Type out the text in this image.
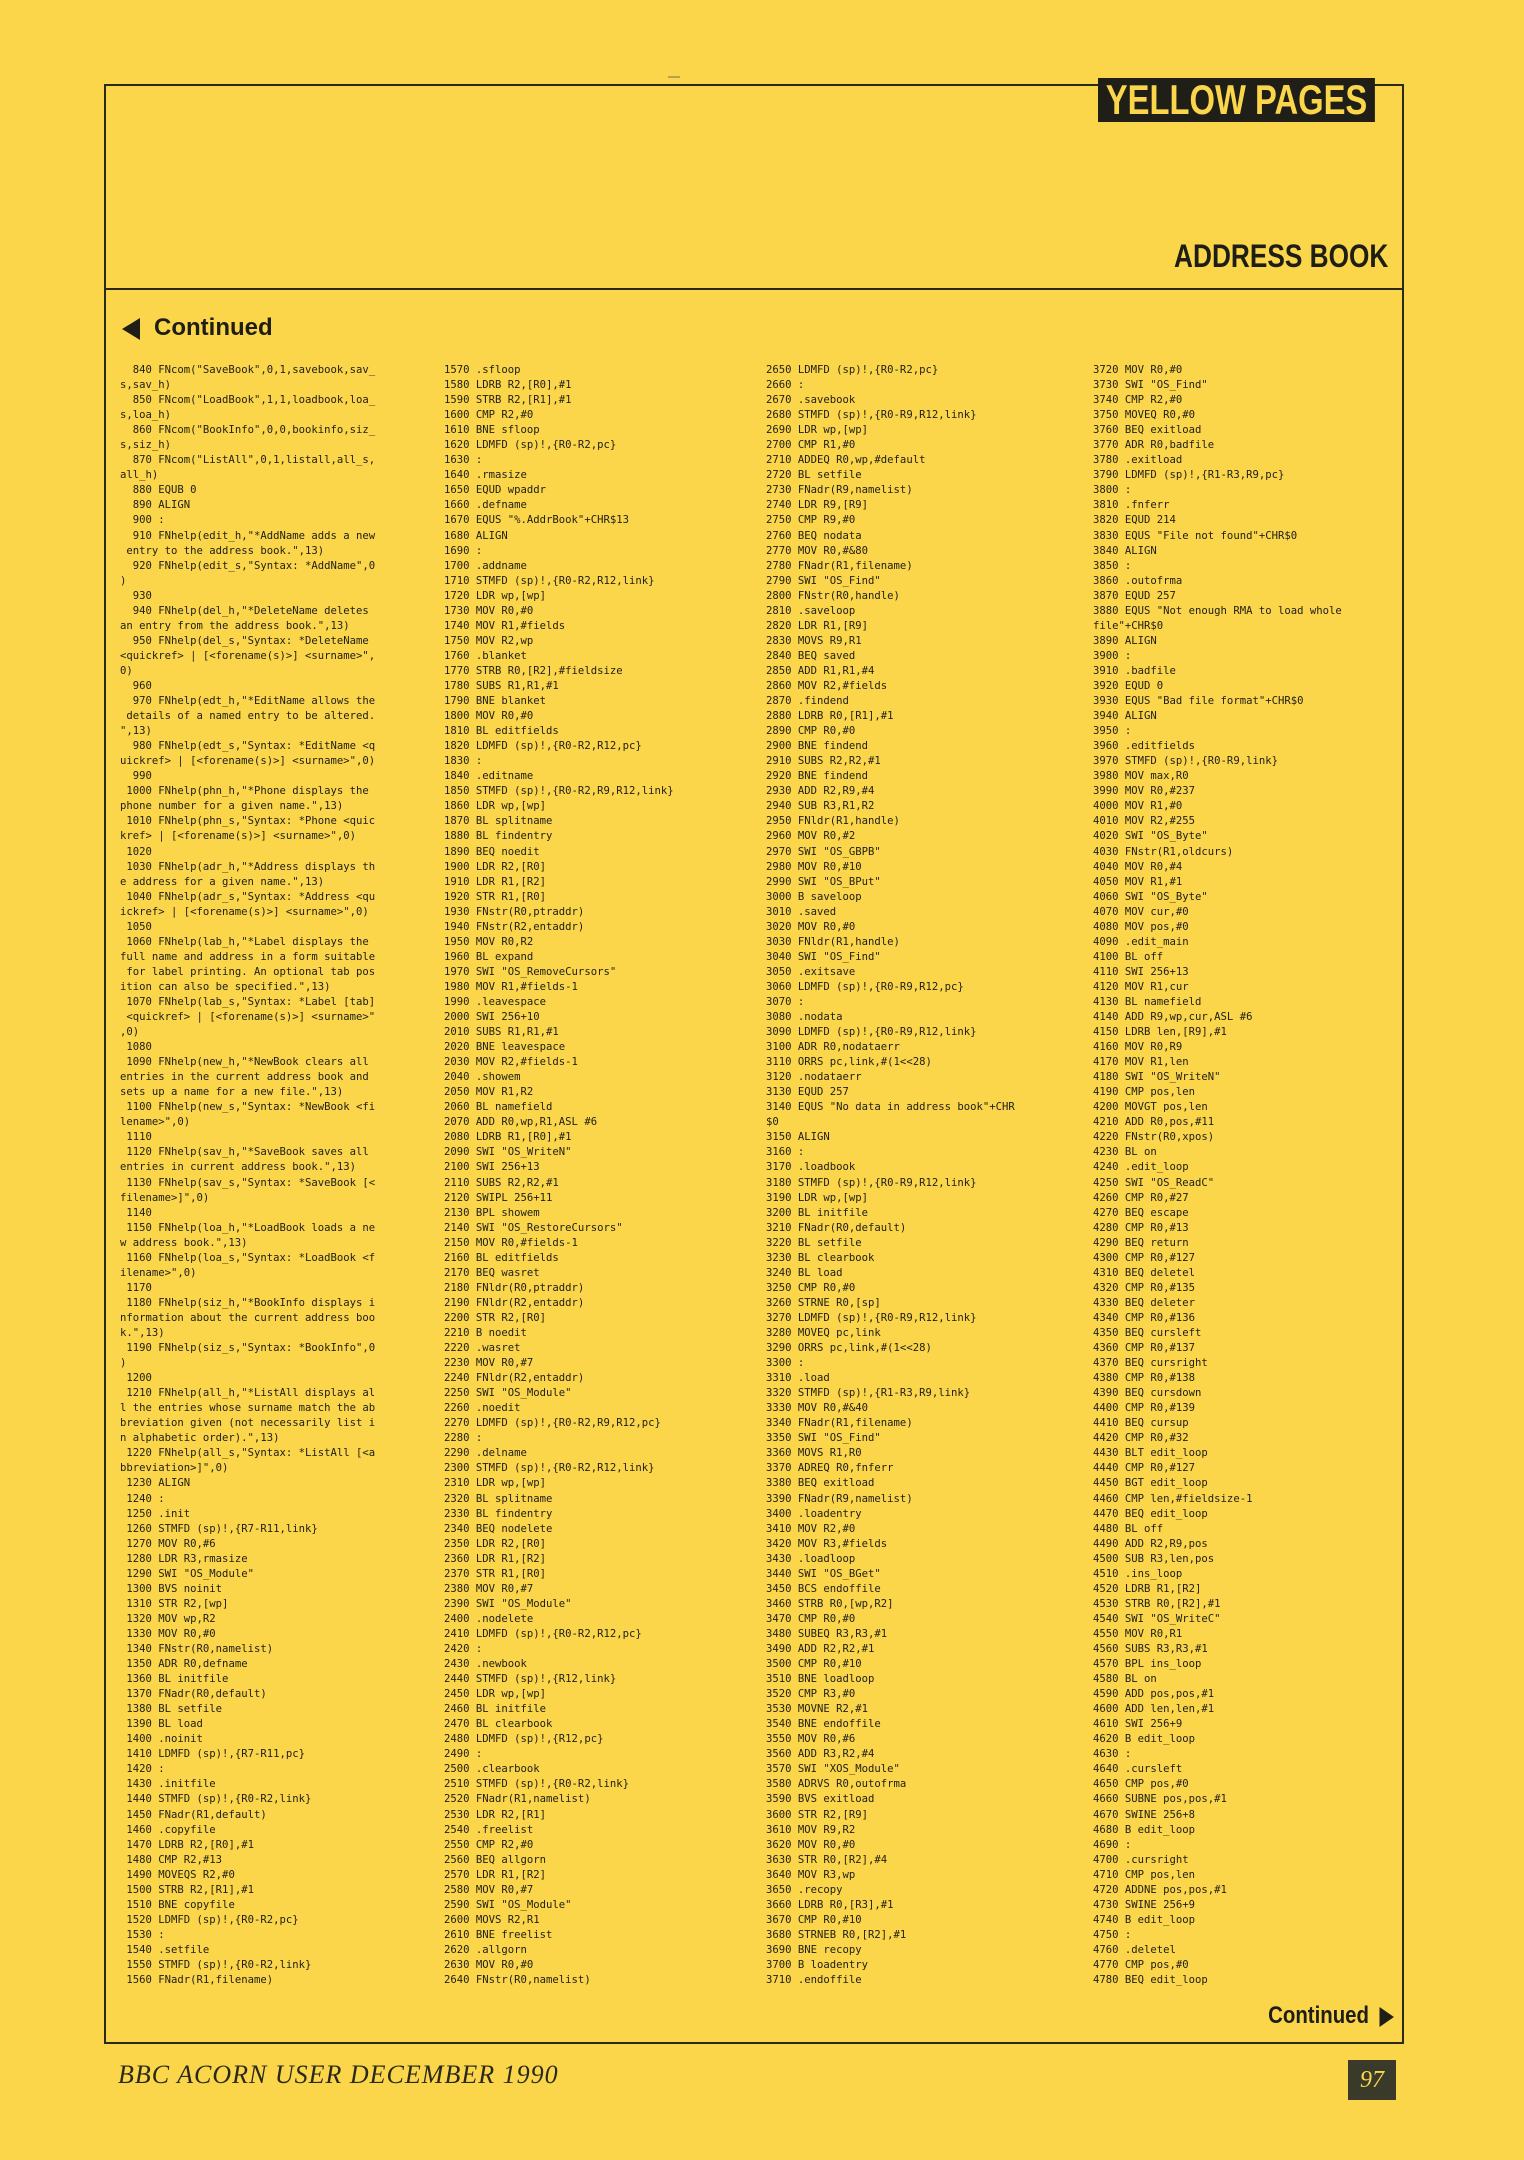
YELLOW PAGES
ADDRESS BOOK
Continued
840 FNcom("SaveBook",0,1,savebook,sav_
s,sav_h)
850 FNcom("LoadBook",1,1,loadbook,loa_
s,loa_h)
860 FNcom("BookInfo",0,0,bookinfo,siz_
s,siz_h)
870 FNcom("ListAll",0,1,listall,all_s,
all_h)
880 EQUB 0
890 ALIGN
900 :
910 FNhelp(edit_h,"*AddName adds a new
entry to the address book.",13)
920 FNhelp(edit_s,"Syntax: *AddName",0
)
930
940 FNhelp(del_h,"*DeleteName deletes
an entry from the address book.",13)
950 FNhelp(del_s,"Syntax: *DeleteName
<quickref> | [<forename(s)>] <surname>",
0)
960
970 FNhelp(edt_h,"*EditName allows the
details of a named entry to be altered.
",13)
980 FNhelp(edt_s,"Syntax: *EditName <q
uickref> | [<forename(s)>] <surname>",0)
990
1000 FNhelp(phn_h,"*Phone displays the
phone number for a given name.",13)
1010 FNhelp(phn_s,"Syntax: *Phone <quic
kref> | [<forename(s)>] <surname>",0)
1020
1030 FNhelp(adr_h,"*Address displays th
e address for a given name.",13)
1040 FNhelp(adr_s,"Syntax: *Address <qu
ickref> | [<forename(s)>] <surname>",0)
1050
1060 FNhelp(lab_h,"*Label displays the
full name and address in a form suitable
for label printing. An optional tab pos
ition can also be specified.",13)
1070 FNhelp(lab_s,"Syntax: *Label [tab]
<quickref> | [<forename(s)>] <surname>"
,0)
1080
1090 FNhelp(new_h,"*NewBook clears all
entries in the current address book and
sets up a name for a new file.",13)
1100 FNhelp(new_s,"Syntax: *NewBook <fi
lename>",0)
1110
1120 FNhelp(sav_h,"*SaveBook saves all
entries in current address book.",13)
1130 FNhelp(sav_s,"Syntax: *SaveBook [<
filename>]",0)
1140
1150 FNhelp(loa_h,"*LoadBook loads a ne
w address book.",13)
1160 FNhelp(loa_s,"Syntax: *LoadBook <f
ilename>",0)
1170
1180 FNhelp(siz_h,"*BookInfo displays i
nformation about the current address boo
k.",13)
1190 FNhelp(siz_s,"Syntax: *BookInfo",0
)
1200
1210 FNhelp(all_h,"*ListAll displays al
l the entries whose surname match the ab
breviation given (not necessarily list i
n alphabetic order).",13)
1220 FNhelp(all_s,"Syntax: *ListAll [<a
bbreviation>]",0)
1230 ALIGN
1240 :
1250 .init
1260 STMFD (sp)!,{R7-R11,link}
1270 MOV R0,#6
1280 LDR R3,rmasize
1290 SWI "OS_Module"
1300 BVS noinit
1310 STR R2,[wp]
1320 MOV wp,R2
1330 MOV R0,#0
1340 FNstr(R0,namelist)
1350 ADR R0,defname
1360 BL initfile
1370 FNadr(R0,default)
1380 BL setfile
1390 BL load
1400 .noinit
1410 LDMFD (sp)!,{R7-R11,pc}
1420 :
1430 .initfile
1440 STMFD (sp)!,{R0-R2,link}
1450 FNadr(R1,default)
1460 .copyfile
1470 LDRB R2,[R0],#1
1480 CMP R2,#13
1490 MOVEQS R2,#0
1500 STRB R2,[R1],#1
1510 BNE copyfile
1520 LDMFD (sp)!,{R0-R2,pc}
1530 :
1540 .setfile
1550 STMFD (sp)!,{R0-R2,link}
1560 FNadr(R1,filename)
1570 .sfloop
1580 LDRB R2,[R0],#1
1590 STRB R2,[R1],#1
1600 CMP R2,#0
1610 BNE sfloop
1620 LDMFD (sp)!,{R0-R2,pc}
1630 :
1640 .rmasize
1650 EQUD wpaddr
1660 .defname
1670 EQUS "%.AddrBook"+CHR$13
1680 ALIGN
1690 :
1700 .addname
1710 STMFD (sp)!,{R0-R2,R12,link}
1720 LDR wp,[wp]
1730 MOV R0,#0
1740 MOV R1,#fields
1750 MOV R2,wp
1760 .blanket
1770 STRB R0,[R2],#fieldsize
1780 SUBS R1,R1,#1
1790 BNE blanket
1800 MOV R0,#0
1810 BL editfields
1820 LDMFD (sp)!,{R0-R2,R12,pc}
1830 :
1840 .editname
1850 STMFD (sp)!,{R0-R2,R9,R12,link}
1860 LDR wp,[wp]
1870 BL splitname
1880 BL findentry
1890 BEQ noedit
1900 LDR R2,[R0]
1910 LDR R1,[R2]
1920 STR R1,[R0]
1930 FNstr(R0,ptraddr)
1940 FNstr(R2,entaddr)
1950 MOV R0,R2
1960 BL expand
1970 SWI "OS_RemoveCursors"
1980 MOV R1,#fields-1
1990 .leavespace
2000 SWI 256+10
2010 SUBS R1,R1,#1
2020 BNE leavespace
2030 MOV R2,#fields-1
2040 .showem
2050 MOV R1,R2
2060 BL namefield
2070 ADD R0,wp,R1,ASL #6
2080 LDRB R1,[R0],#1
2090 SWI "OS_WriteN"
2100 SWI 256+13
2110 SUBS R2,R2,#1
2120 SWIPL 256+11
2130 BPL showem
2140 SWI "OS_RestoreCursors"
2150 MOV R0,#fields-1
2160 BL editfields
2170 BEQ wasret
2180 FNldr(R0,ptraddr)
2190 FNldr(R2,entaddr)
2200 STR R2,[R0]
2210 B noedit
2220 .wasret
2230 MOV R0,#7
2240 FNldr(R2,entaddr)
2250 SWI "OS_Module"
2260 .noedit
2270 LDMFD (sp)!,{R0-R2,R9,R12,pc}
2280 :
2290 .delname
2300 STMFD (sp)!,{R0-R2,R12,link}
2310 LDR wp,[wp]
2320 BL splitname
2330 BL findentry
2340 BEQ nodelete
2350 LDR R2,[R0]
2360 LDR R1,[R2]
2370 STR R1,[R0]
2380 MOV R0,#7
2390 SWI "OS_Module"
2400 .nodelete
2410 LDMFD (sp)!,{R0-R2,R12,pc}
2420 :
2430 .newbook
2440 STMFD (sp)!,{R12,link}
2450 LDR wp,[wp]
2460 BL initfile
2470 BL clearbook
2480 LDMFD (sp)!,{R12,pc}
2490 :
2500 .clearbook
2510 STMFD (sp)!,{R0-R2,link}
2520 FNadr(R1,namelist)
2530 LDR R2,[R1]
2540 .freelist
2550 CMP R2,#0
2560 BEQ allgorn
2570 LDR R1,[R2]
2580 MOV R0,#7
2590 SWI "OS_Module"
2600 MOVS R2,R1
2610 BNE freelist
2620 .allgorn
2630 MOV R0,#0
2640 FNstr(R0,namelist)
2650 LDMFD (sp)!,{R0-R2,pc}
2660 :
2670 .savebook
2680 STMFD (sp)!,{R0-R9,R12,link}
2690 LDR wp,[wp]
2700 CMP R1,#0
2710 ADDEQ R0,wp,#default
2720 BL setfile
2730 FNadr(R9,namelist)
2740 LDR R9,[R9]
2750 CMP R9,#0
2760 BEQ nodata
2770 MOV R0,#&80
2780 FNadr(R1,filename)
2790 SWI "OS_Find"
2800 FNstr(R0,handle)
2810 .saveloop
2820 LDR R1,[R9]
2830 MOVS R9,R1
2840 BEQ saved
2850 ADD R1,R1,#4
2860 MOV R2,#fields
2870 .findend
2880 LDRB R0,[R1],#1
2890 CMP R0,#0
2900 BNE findend
2910 SUBS R2,R2,#1
2920 BNE findend
2930 ADD R2,R9,#4
2940 SUB R3,R1,R2
2950 FNldr(R1,handle)
2960 MOV R0,#2
2970 SWI "OS_GBPB"
2980 MOV R0,#10
2990 SWI "OS_BPut"
3000 B saveloop
3010 .saved
3020 MOV R0,#0
3030 FNldr(R1,handle)
3040 SWI "OS_Find"
3050 .exitsave
3060 LDMFD (sp)!,{R0-R9,R12,pc}
3070 :
3080 .nodata
3090 LDMFD (sp)!,{R0-R9,R12,link}
3100 ADR R0,nodataerr
3110 ORRS pc,link,#(1<<28)
3120 .nodataerr
3130 EQUD 257
3140 EQUS "No data in address book"+CHR
$0
3150 ALIGN
3160 :
3170 .loadbook
3180 STMFD (sp)!,{R0-R9,R12,link}
3190 LDR wp,[wp]
3200 BL initfile
3210 FNadr(R0,default)
3220 BL setfile
3230 BL clearbook
3240 BL load
3250 CMP R0,#0
3260 STRNE R0,[sp]
3270 LDMFD (sp)!,{R0-R9,R12,link}
3280 MOVEQ pc,link
3290 ORRS pc,link,#(1<<28)
3300 :
3310 .load
3320 STMFD (sp)!,{R1-R3,R9,link}
3330 MOV R0,#&40
3340 FNadr(R1,filename)
3350 SWI "OS_Find"
3360 MOVS R1,R0
3370 ADREQ R0,fnferr
3380 BEQ exitload
3390 FNadr(R9,namelist)
3400 .loadentry
3410 MOV R2,#0
3420 MOV R3,#fields
3430 .loadloop
3440 SWI "OS_BGet"
3450 BCS endoffile
3460 STRB R0,[wp,R2]
3470 CMP R0,#0
3480 SUBEQ R3,R3,#1
3490 ADD R2,R2,#1
3500 CMP R0,#10
3510 BNE loadloop
3520 CMP R3,#0
3530 MOVNE R2,#1
3540 BNE endoffile
3550 MOV R0,#6
3560 ADD R3,R2,#4
3570 SWI "XOS_Module"
3580 ADRVS R0,outofrma
3590 BVS exitload
3600 STR R2,[R9]
3610 MOV R9,R2
3620 MOV R0,#0
3630 STR R0,[R2],#4
3640 MOV R3,wp
3650 .recopy
3660 LDRB R0,[R3],#1
3670 CMP R0,#10
3680 STRNEB R0,[R2],#1
3690 BNE recopy
3700 B loadentry
3710 .endoffile
3720 MOV R0,#0
3730 SWI "OS_Find"
3740 CMP R2,#0
3750 MOVEQ R0,#0
3760 BEQ exitload
3770 ADR R0,badfile
3780 .exitload
3790 LDMFD (sp)!,{R1-R3,R9,pc}
3800 :
3810 .fnferr
3820 EQUD 214
3830 EQUS "File not found"+CHR$0
3840 ALIGN
3850 :
3860 .outofrma
3870 EQUD 257
3880 EQUS "Not enough RMA to load whole
file"+CHR$0
3890 ALIGN
3900 :
3910 .badfile
3920 EQUD 0
3930 EQUS "Bad file format"+CHR$0
3940 ALIGN
3950 :
3960 .editfields
3970 STMFD (sp)!,{R0-R9,link}
3980 MOV max,R0
3990 MOV R0,#237
4000 MOV R1,#0
4010 MOV R2,#255
4020 SWI "OS_Byte"
4030 FNstr(R1,oldcurs)
4040 MOV R0,#4
4050 MOV R1,#1
4060 SWI "OS_Byte"
4070 MOV cur,#0
4080 MOV pos,#0
4090 .edit_main
4100 BL off
4110 SWI 256+13
4120 MOV R1,cur
4130 BL namefield
4140 ADD R9,wp,cur,ASL #6
4150 LDRB len,[R9],#1
4160 MOV R0,R9
4170 MOV R1,len
4180 SWI "OS_WriteN"
4190 CMP pos,len
4200 MOVGT pos,len
4210 ADD R0,pos,#11
4220 FNstr(R0,xpos)
4230 BL on
4240 .edit_loop
4250 SWI "OS_ReadC"
4260 CMP R0,#27
4270 BEQ escape
4280 CMP R0,#13
4290 BEQ return
4300 CMP R0,#127
4310 BEQ deletel
4320 CMP R0,#135
4330 BEQ deleter
4340 CMP R0,#136
4350 BEQ cursleft
4360 CMP R0,#137
4370 BEQ cursright
4380 CMP R0,#138
4390 BEQ cursdown
4400 CMP R0,#139
4410 BEQ cursup
4420 CMP R0,#32
4430 BLT edit_loop
4440 CMP R0,#127
4450 BGT edit_loop
4460 CMP len,#fieldsize-1
4470 BEQ edit_loop
4480 BL off
4490 ADD R2,R9,pos
4500 SUB R3,len,pos
4510 .ins_loop
4520 LDRB R1,[R2]
4530 STRB R0,[R2],#1
4540 SWI "OS_WriteC"
4550 MOV R0,R1
4560 SUBS R3,R3,#1
4570 BPL ins_loop
4580 BL on
4590 ADD pos,pos,#1
4600 ADD len,len,#1
4610 SWI 256+9
4620 B edit_loop
4630 :
4640 .cursleft
4650 CMP pos,#0
4660 SUBNE pos,pos,#1
4670 SWINE 256+8
4680 B edit_loop
4690 :
4700 .cursright
4710 CMP pos,len
4720 ADDNE pos,pos,#1
4730 SWINE 256+9
4740 B edit_loop
4750 :
4760 .deletel
4770 CMP pos,#0
4780 BEQ edit_loop
Continued
BBC ACORN USER DECEMBER 1990	97
